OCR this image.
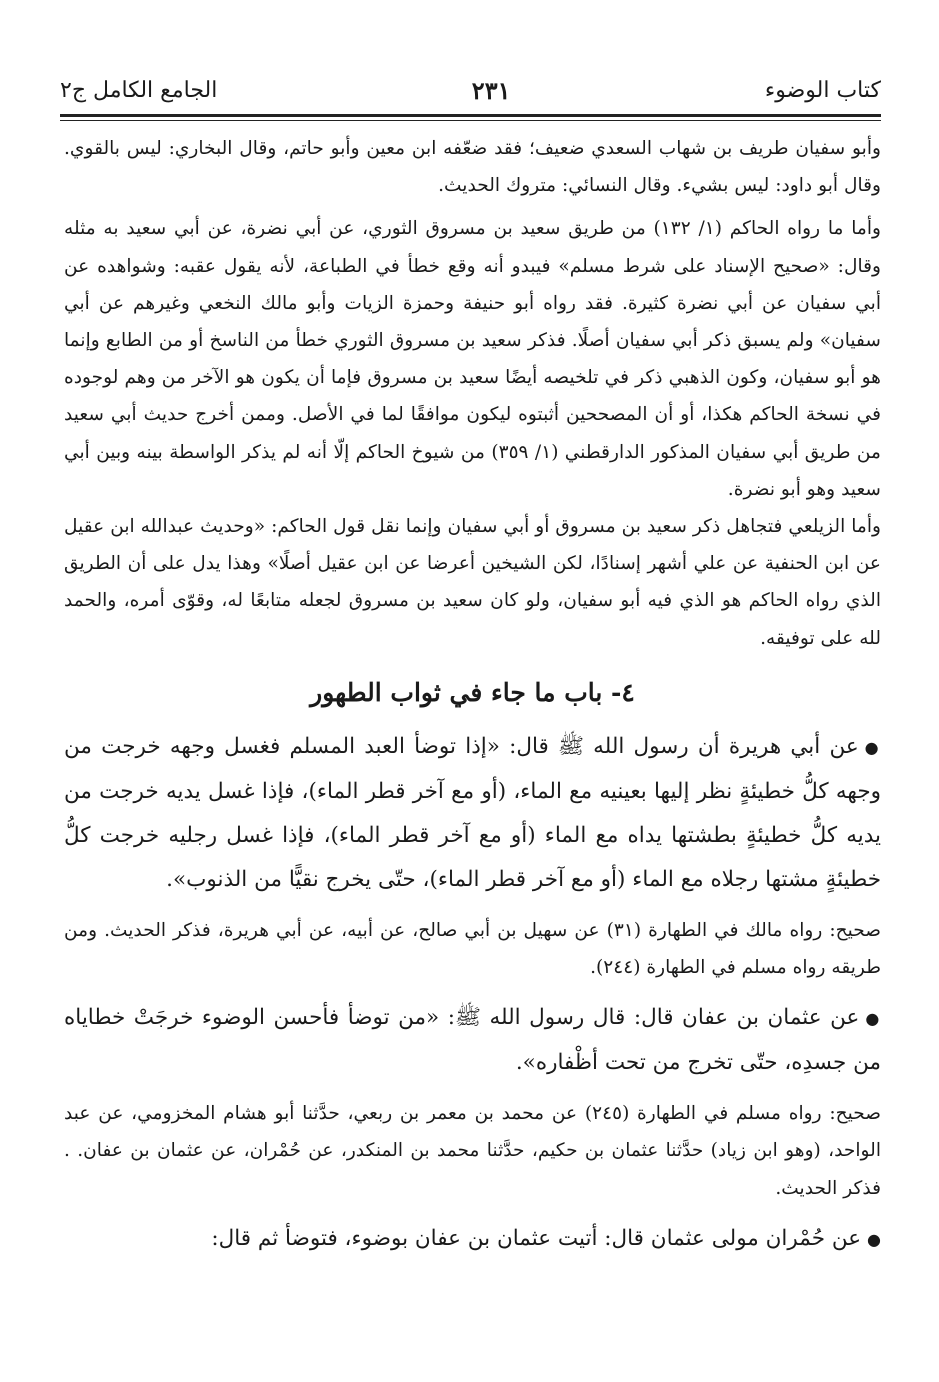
كتاب الوضوء
٢٣١
الجامع الكامل ج٢

وأبو سفيان طريف بن شهاب السعدي ضعيف؛ فقد ضعّفه ابن معين وأبو حاتم، وقال البخاري: ليس بالقوي. وقال أبو داود: ليس بشيء. وقال النسائي: متروك الحديث.

وأما ما رواه الحاكم (١/ ١٣٢) من طريق سعيد بن مسروق الثوري، عن أبي نضرة، عن أبي سعيد به مثله وقال: «صحيح الإسناد على شرط مسلم» فيبدو أنه وقع خطأ في الطباعة، لأنه يقول عقبه: وشواهده عن أبي سفيان عن أبي نضرة كثيرة. فقد رواه أبو حنيفة وحمزة الزيات وأبو مالك النخعي وغيرهم عن أبي سفيان» ولم يسبق ذكر أبي سفيان أصلًا. فذكر سعيد بن مسروق الثوري خطأ من الناسخ أو من الطابع وإنما هو أبو سفيان، وكون الذهبي ذكر في تلخيصه أيضًا سعيد بن مسروق فإما أن يكون هو الآخر من وهم لوجوده في نسخة الحاكم هكذا، أو أن المصححين أثبتوه ليكون موافقًا لما في الأصل. وممن أخرج حديث أبي سعيد من طريق أبي سفيان المذكور الدارقطني (١/ ٣٥٩) من شيوخ الحاكم إلّا أنه لم يذكر الواسطة بينه وبين أبي سعيد وهو أبو نضرة.

وأما الزيلعي فتجاهل ذكر سعيد بن مسروق أو أبي سفيان وإنما نقل قول الحاكم: «وحديث عبدالله ابن عقيل عن ابن الحنفية عن علي أشهر إسنادًا، لكن الشيخين أعرضا عن ابن عقيل أصلًا» وهذا يدل على أن الطريق الذي رواه الحاكم هو الذي فيه أبو سفيان، ولو كان سعيد بن مسروق لجعله متابعًا له، وقوّى أمره، والحمد لله على توفيقه.

٤- باب ما جاء في ثواب الطهور

●عن أبي هريرة أن رسول الله ﷺ قال: «إذا توضأ العبد المسلم فغسل وجهه خرجت من وجهه كلُّ خطيئةٍ نظر إليها بعينيه مع الماء، (أو مع آخر قطر الماء)، فإذا غسل يديه خرجت من يديه كلُّ خطيئةٍ بطشتها يداه مع الماء (أو مع آخر قطر الماء)، فإذا غسل رجليه خرجت كلُّ خطيئةٍ مشتها رجلاه مع الماء (أو مع آخر قطر الماء)، حتّى يخرج نقيًّا من الذنوب».

صحيح: رواه مالك في الطهارة (٣١) عن سهيل بن أبي صالح، عن أبيه، عن أبي هريرة، فذكر الحديث. ومن طريقه رواه مسلم في الطهارة (٢٤٤).

●عن عثمان بن عفان قال: قال رسول الله ﷺ: «من توضأ فأحسن الوضوء خرجَتْ خطاياه من جسدِه، حتّى تخرج من تحت أظْفاره».

صحيح: رواه مسلم في الطهارة (٢٤٥) عن محمد بن معمر بن ربعي، حدَّثنا أبو هشام المخزومي، عن عبد الواحد، (وهو ابن زياد) حدَّثنا عثمان بن حكيم، حدَّثنا محمد بن المنكدر، عن حُمْران، عن عثمان بن عفان. . فذكر الحديث.

●عن حُمْران مولى عثمان قال: أتيت عثمان بن عفان بوضوء، فتوضأ ثم قال:
